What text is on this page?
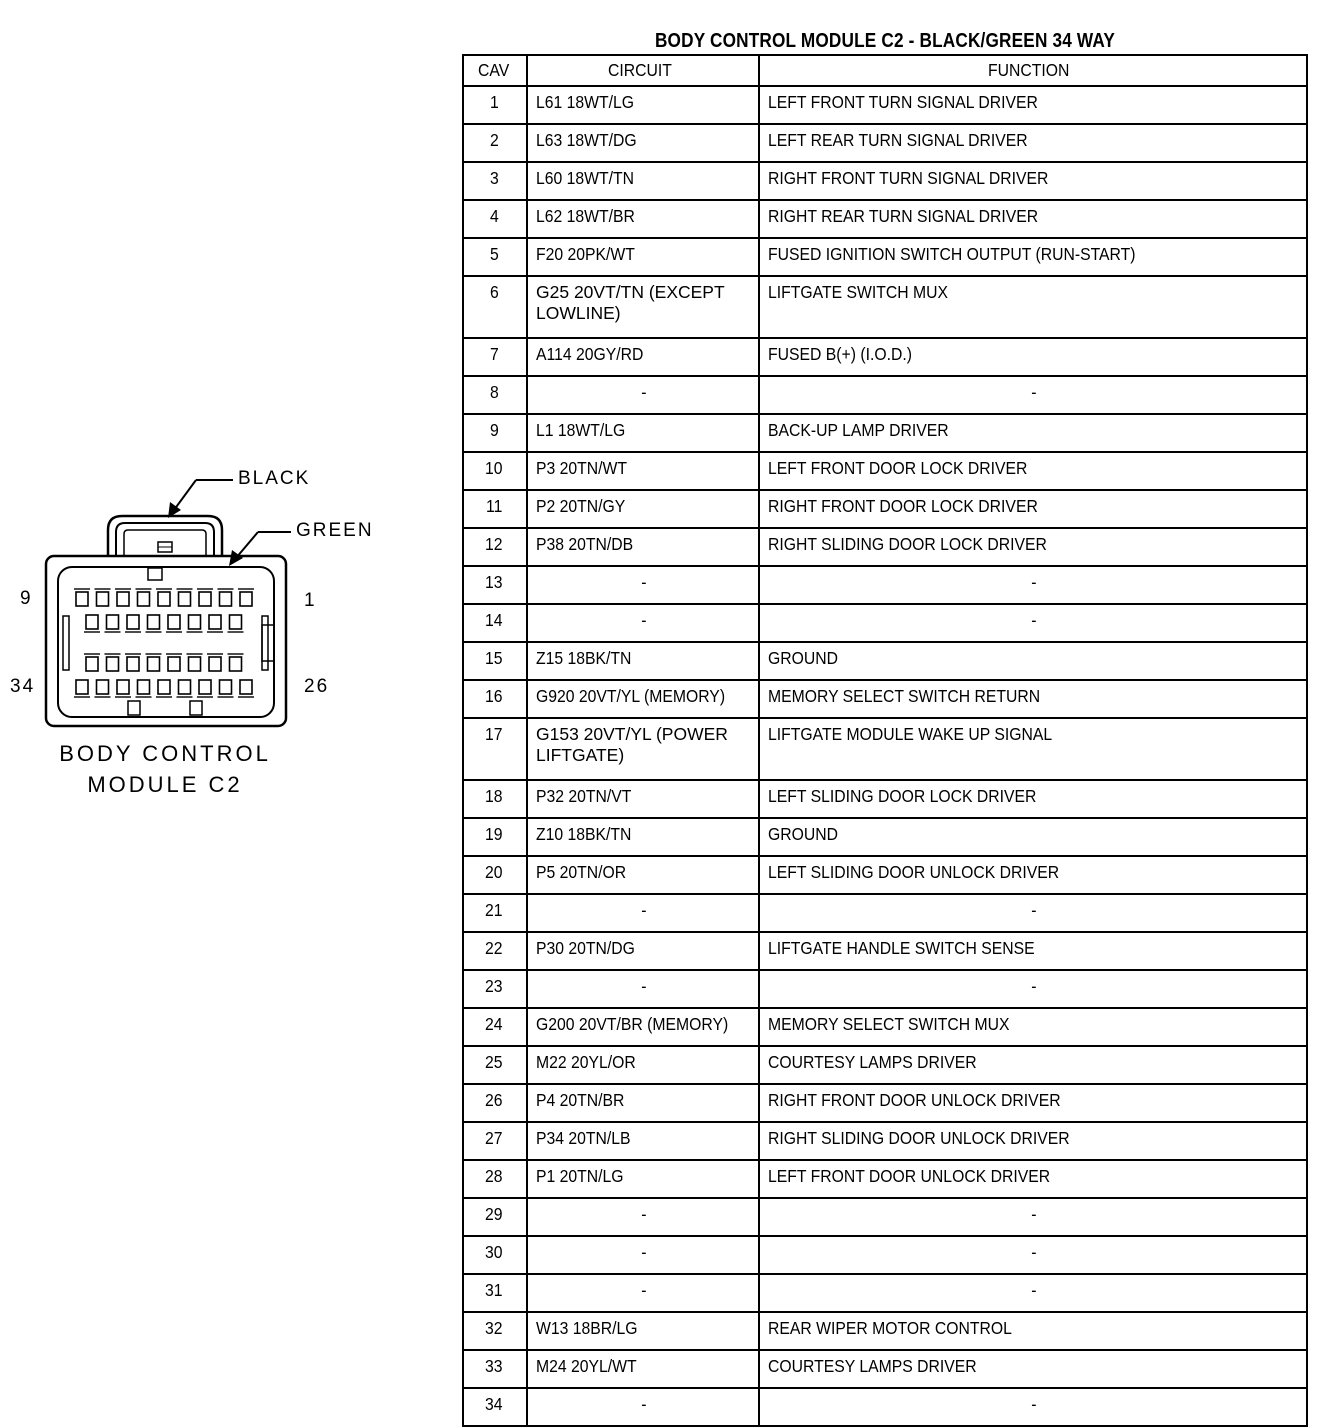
BODY CONTROL MODULE C2 - BLACK/GREEN 34 WAY
CAV	CIRCUIT	FUNCTION
1	L61 18WT/LG	LEFT FRONT TURN SIGNAL DRIVER
2	L63 18WT/DG	LEFT REAR TURN SIGNAL DRIVER
3	L60 18WT/TN	RIGHT FRONT TURN SIGNAL DRIVER
4	L62 18WT/BR	RIGHT REAR TURN SIGNAL DRIVER
5	F20 20PK/WT	FUSED IGNITION SWITCH OUTPUT (RUN-START)
6	G25 20VT/TN (EXCEPT LOWLINE)	LIFTGATE SWITCH MUX
7	A114 20GY/RD	FUSED B(+) (I.O.D.)
8	-	-
9	L1 18WT/LG	BACK-UP LAMP DRIVER
10	P3 20TN/WT	LEFT FRONT DOOR LOCK DRIVER
11	P2 20TN/GY	RIGHT FRONT DOOR LOCK DRIVER
12	P38 20TN/DB	RIGHT SLIDING DOOR LOCK DRIVER
13	-	-
14	-	-
15	Z15 18BK/TN	GROUND
16	G920 20VT/YL (MEMORY)	MEMORY SELECT SWITCH RETURN
17	G153 20VT/YL (POWER LIFTGATE)	LIFTGATE MODULE WAKE UP SIGNAL
18	P32 20TN/VT	LEFT SLIDING DOOR LOCK DRIVER
19	Z10 18BK/TN	GROUND
20	P5 20TN/OR	LEFT SLIDING DOOR UNLOCK DRIVER
21	-	-
22	P30 20TN/DG	LIFTGATE HANDLE SWITCH SENSE
23	-	-
24	G200 20VT/BR (MEMORY)	MEMORY SELECT SWITCH MUX
25	M22 20YL/OR	COURTESY LAMPS DRIVER
26	P4 20TN/BR	RIGHT FRONT DOOR UNLOCK DRIVER
27	P34 20TN/LB	RIGHT SLIDING DOOR UNLOCK DRIVER
28	P1 20TN/LG	LEFT FRONT DOOR UNLOCK DRIVER
29	-	-
30	-	-
31	-	-
32	W13 18BR/LG	REAR WIPER MOTOR CONTROL
33	M24 20YL/WT	COURTESY LAMPS DRIVER
34	-	-
BLACK
GREEN
9	1
34	26
BODY CONTROL
MODULE C2
